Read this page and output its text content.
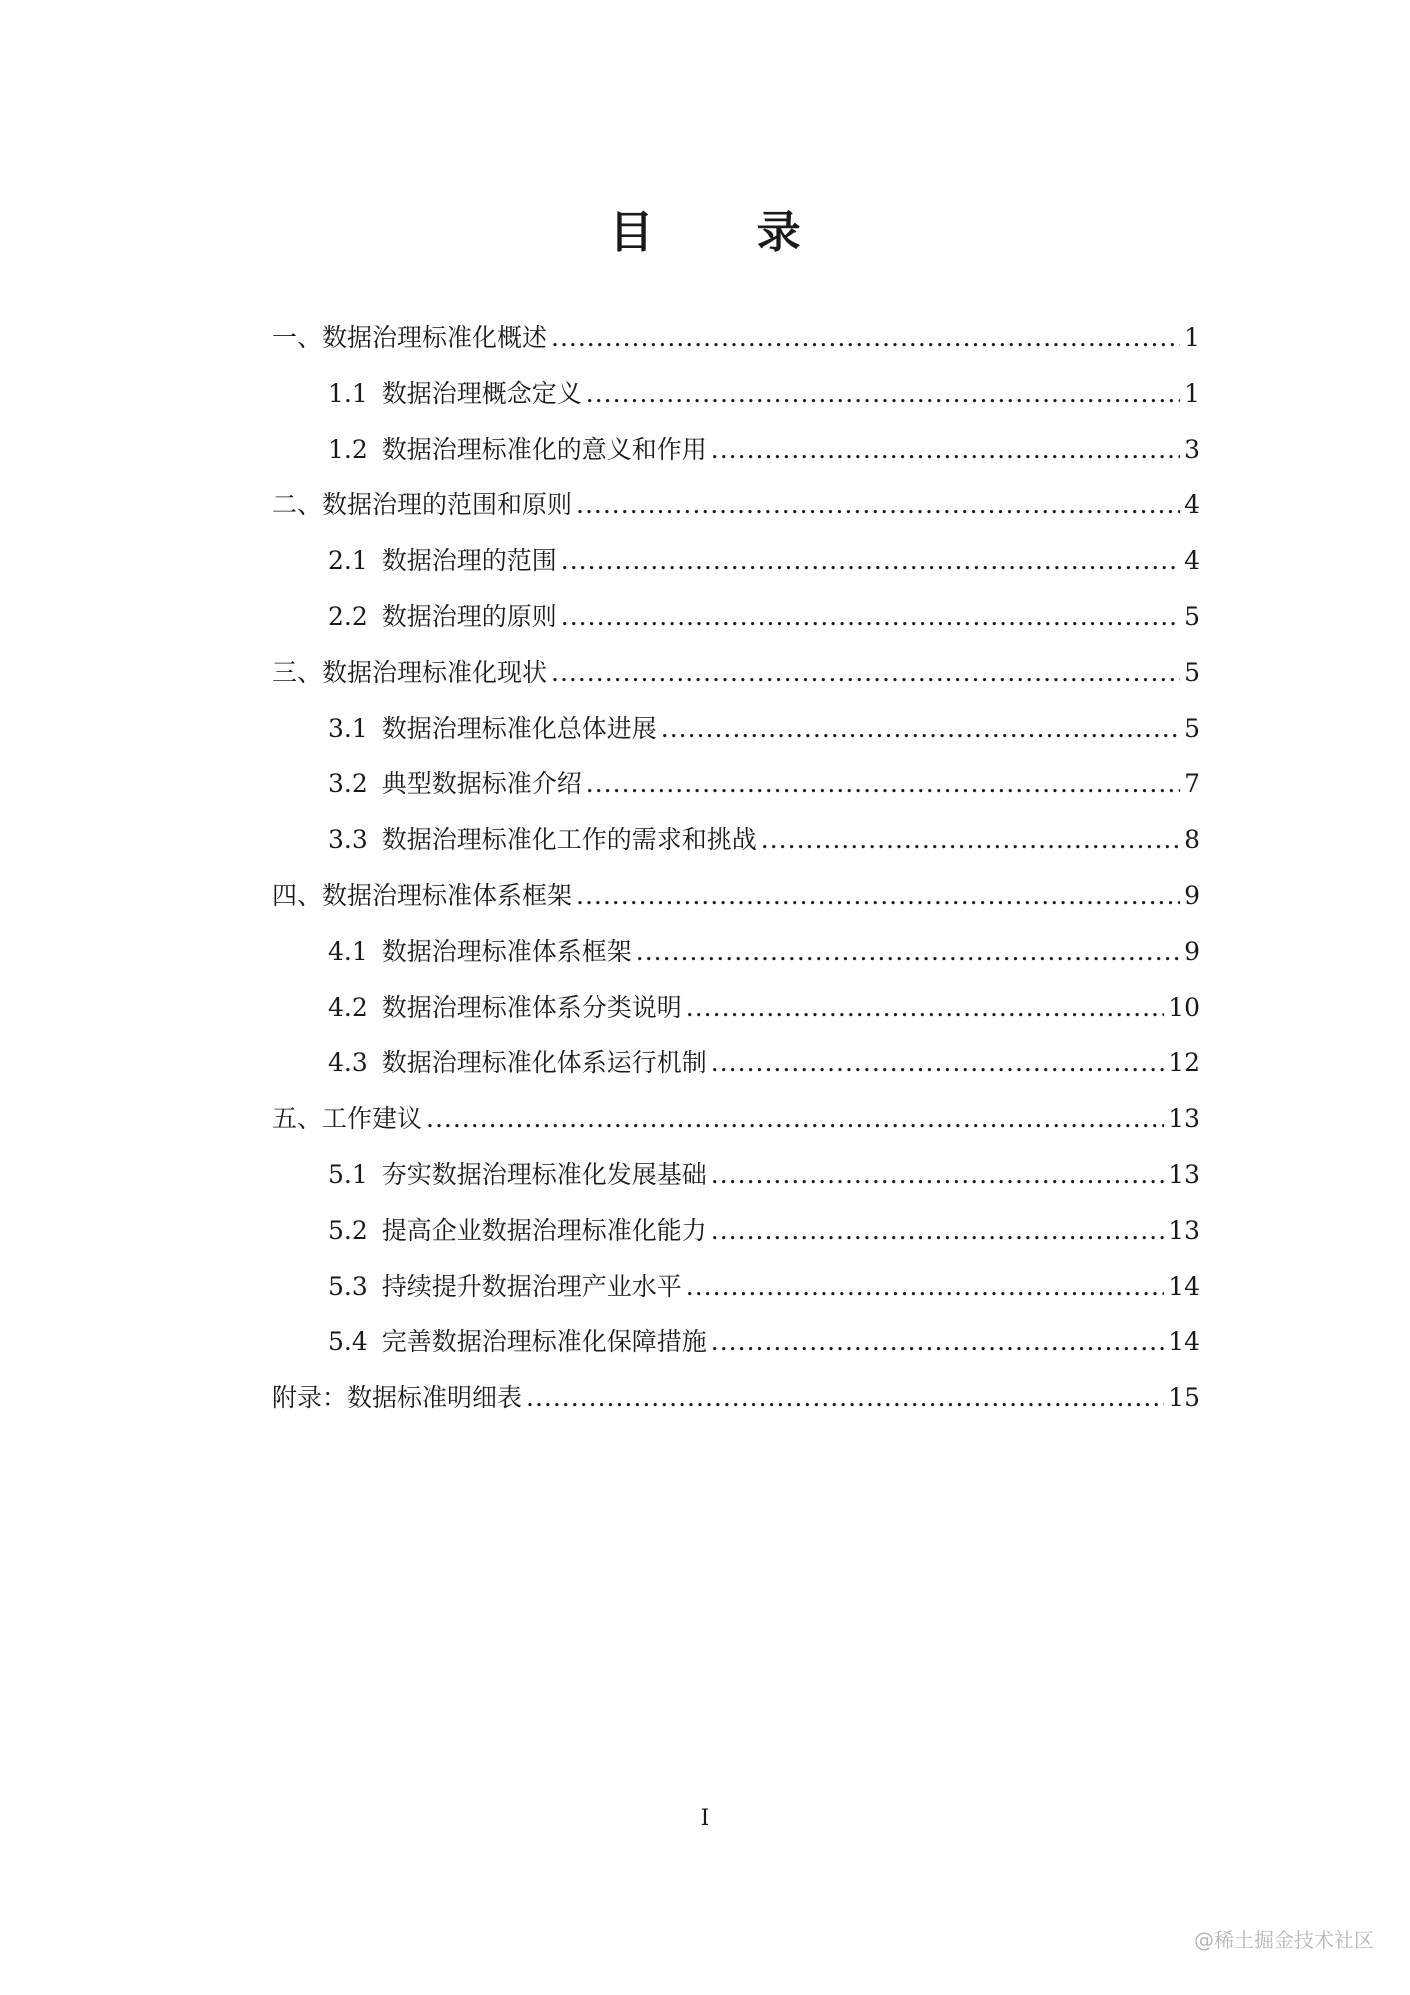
目 录
一、数据治理标准化概述 .....	1
1.1 数据治理概念定义 .....	1
1.2 数据治理标准化的意义和作用 .....	3
二、数据治理的范围和原则 .....	4
2.1 数据治理的范围 .....	4
2.2 数据治理的原则 .....	5
三、数据治理标准化现状 .....	5
3.1 数据治理标准化总体进展 .....	5
3.2 典型数据标准介绍 .....	7
3.3 数据治理标准化工作的需求和挑战 .....	8
四、数据治理标准体系框架 .....	9
4.1 数据治理标准体系框架 .....	9
4.2 数据治理标准体系分类说明 .....	10
4.3 数据治理标准化体系运行机制 .....	12
五、工作建议 .....	13
5.1 夯实数据治理标准化发展基础 .....	13
5.2 提高企业数据治理标准化能力 .....	13
5.3 持续提升数据治理产业水平 .....	14
5.4 完善数据治理标准化保障措施 .....	14
附录：数据标准明细表 .....	15
I
@稀土掘金技术社区
